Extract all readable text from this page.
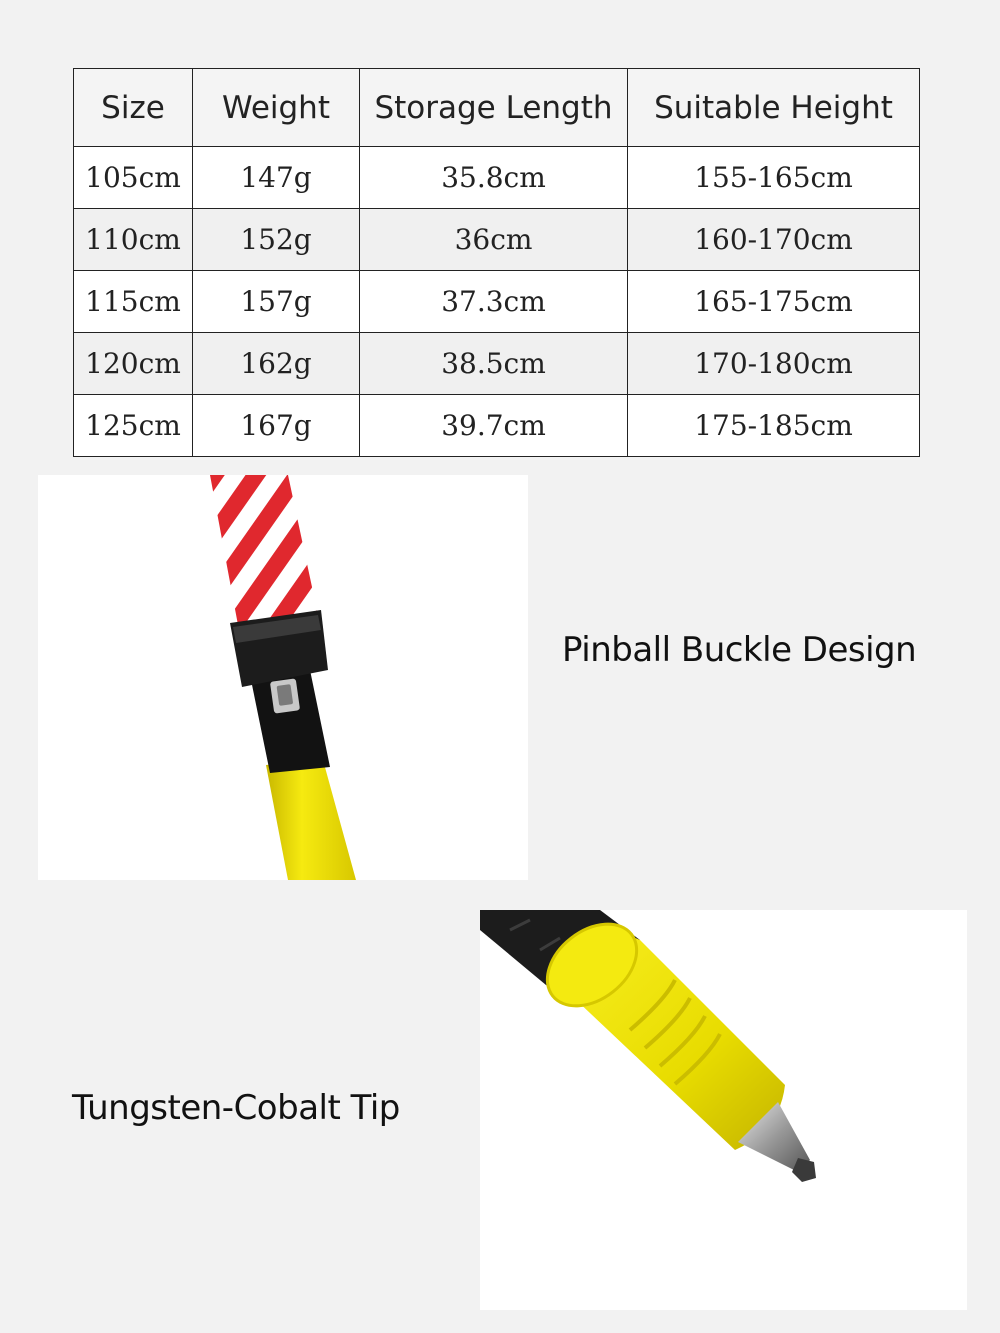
Size	Weight	Storage Length	Suitable Height
105cm	147g	35.8cm	155-165cm
110cm	152g	36cm	160-170cm
115cm	157g	37.3cm	165-175cm
120cm	162g	38.5cm	170-180cm
125cm	167g	39.7cm	175-185cm
Pinball Buckle Design
Tungsten-Cobalt Tip
